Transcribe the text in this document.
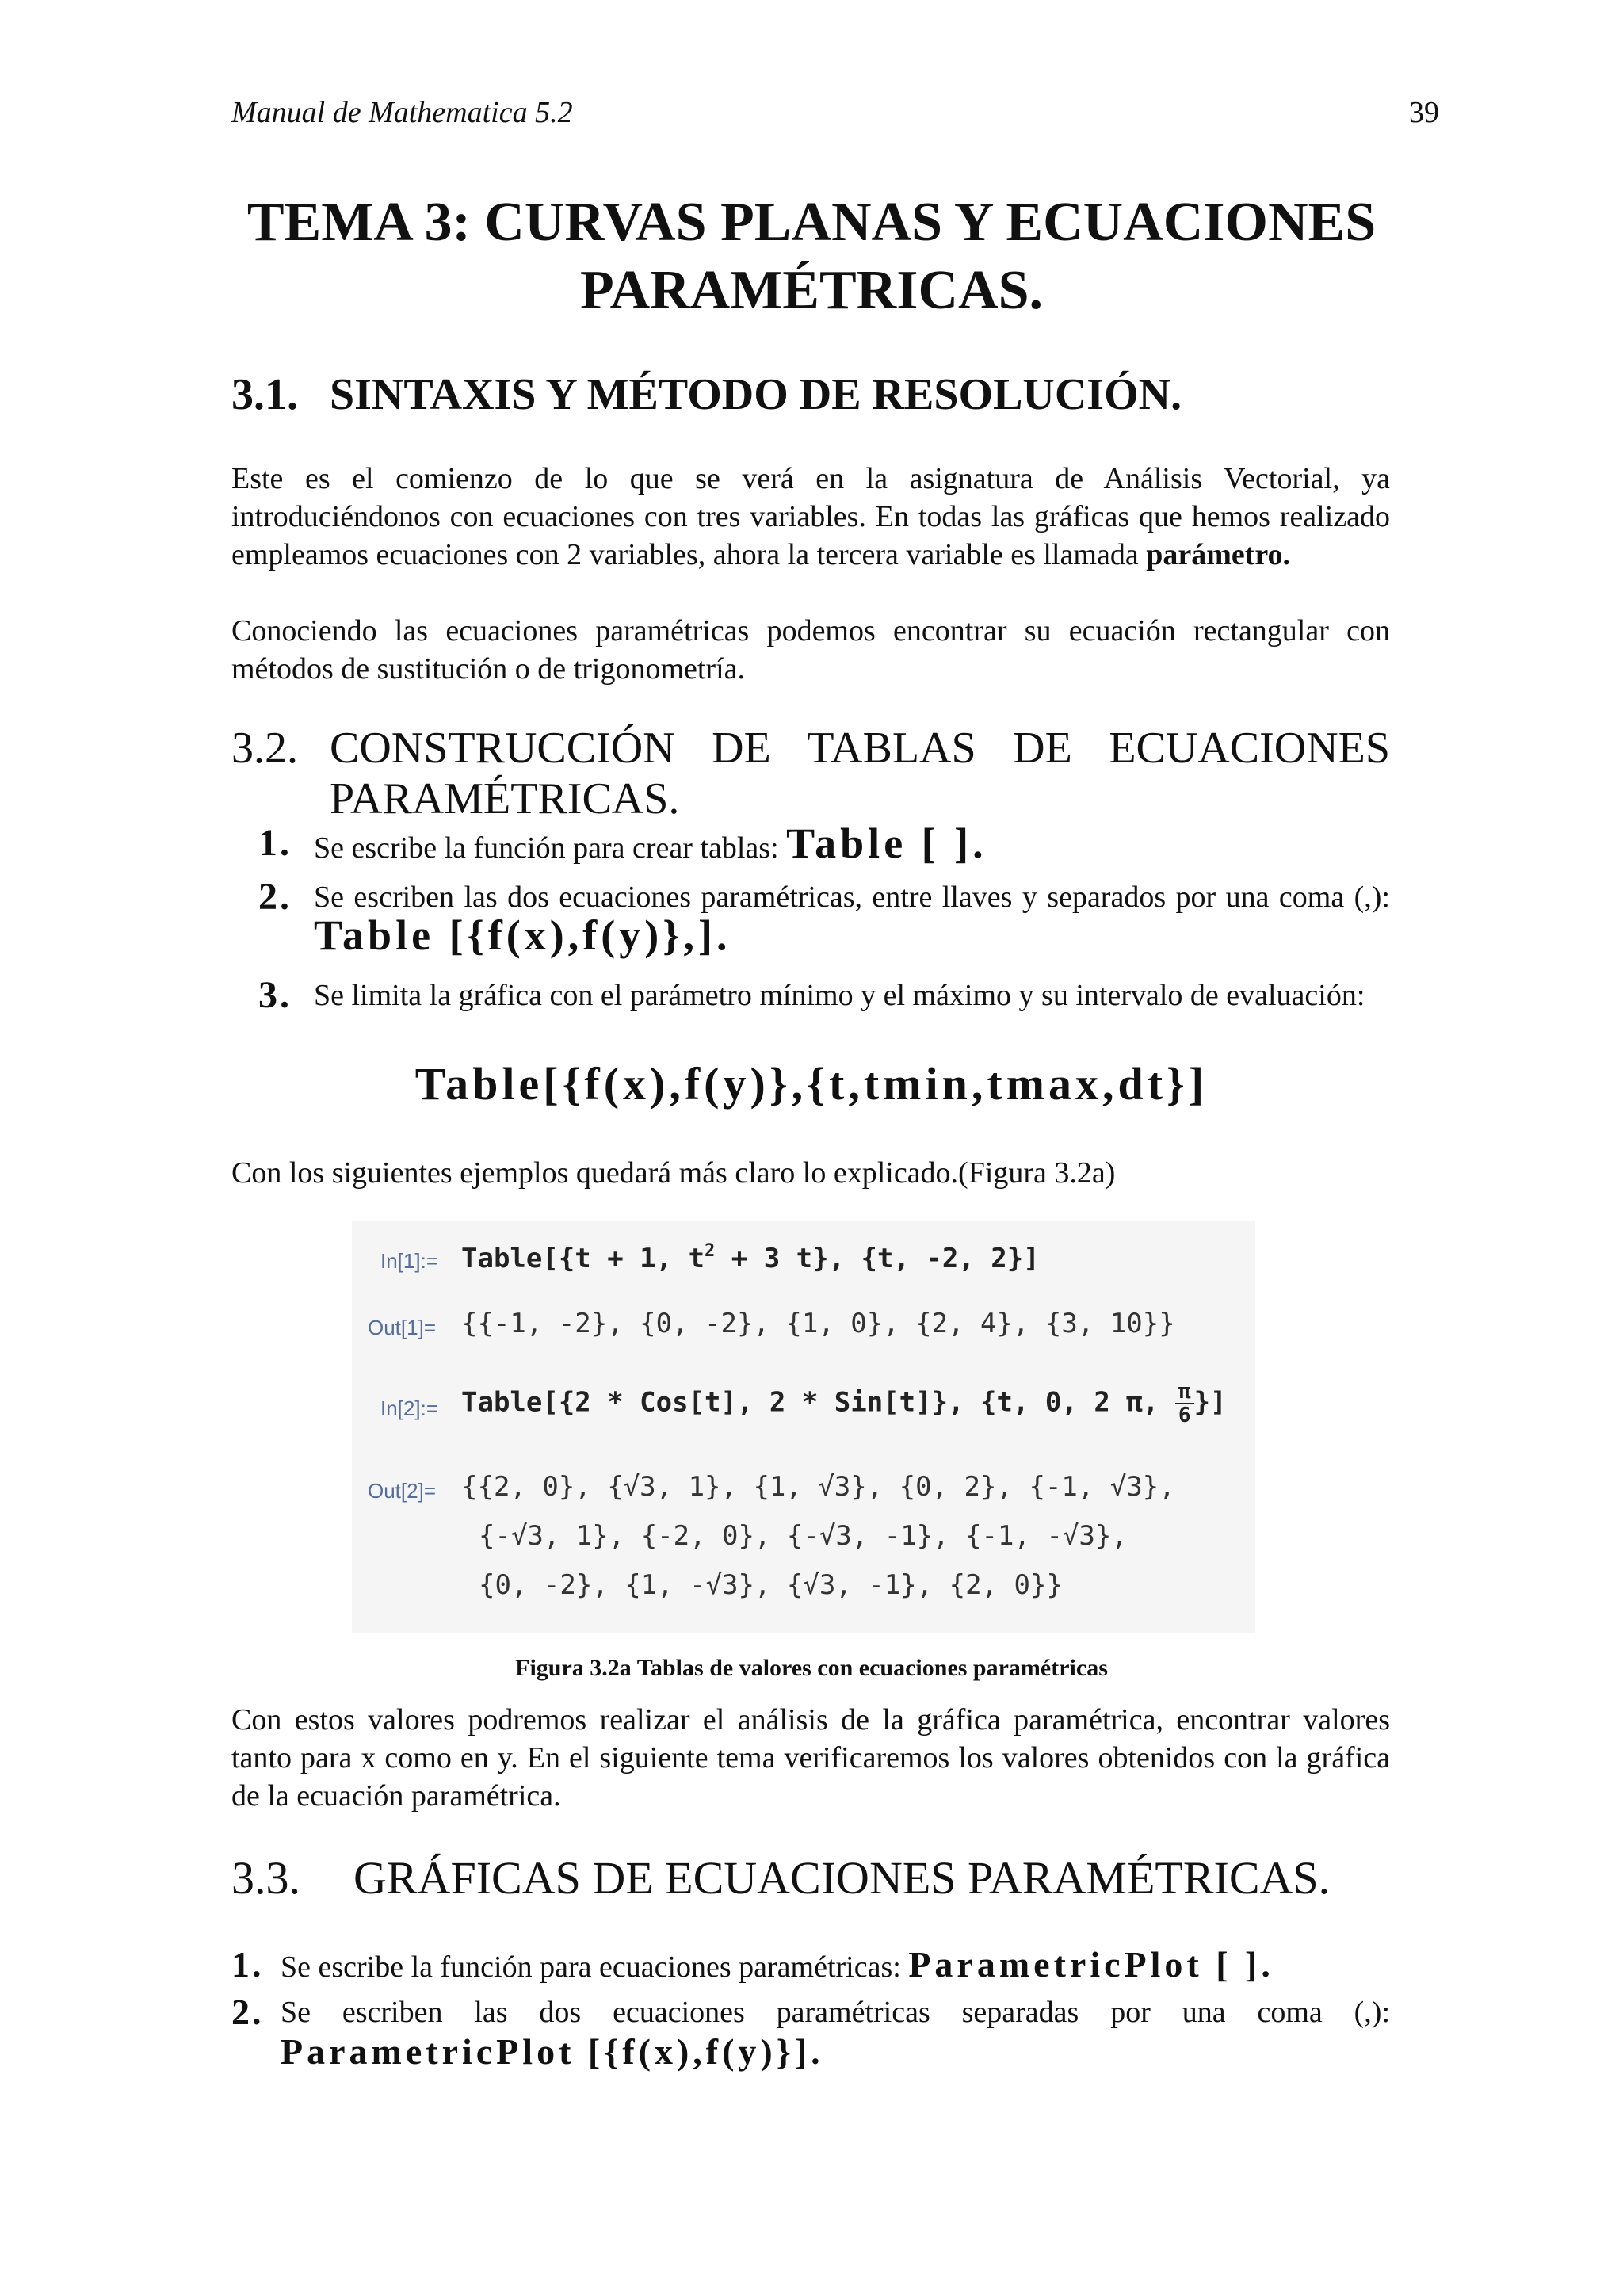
Manual de Mathematica 5.2	39
TEMA 3: CURVAS PLANAS Y ECUACIONES PARAMÉTRICAS.
3.1. SINTAXIS Y MÉTODO DE RESOLUCIÓN.

Este es el comienzo de lo que se verá en la asignatura de Análisis Vectorial, ya introduciéndonos con ecuaciones con tres variables. En todas las gráficas que hemos realizado empleamos ecuaciones con 2 variables, ahora la tercera variable es llamada parámetro.

Conociendo las ecuaciones paramétricas podemos encontrar su ecuación rectangular con métodos de sustitución o de trigonometría.

3.2. CONSTRUCCIÓN DE TABLAS DE ECUACIONES
PARAMÉTRICAS.
1. Se escribe la función para crear tablas: Table [ ].
2. Se escriben las dos ecuaciones paramétricas, entre llaves y separados por una coma (,): Table [{f(x),f(y)},].
3. Se limita la gráfica con el parámetro mínimo y el máximo y su intervalo de evaluación:
Table[{f(x),f(y)},{t,tmin,tmax,dt}]

Con los siguientes ejemplos quedará más claro lo explicado.(Figura 3.2a)

In[1]:= Table[{t + 1, $t^2 + 3$ t}, {t, -2, 2}]
Out[1]= {{-1, -2}, {0, -2}, {1, 0}, {2, 4}, {3, 10}}
In[2]:= Table[{2 * Cos[t], 2 * Sin[t]}, {t, 0, 2 π, $\frac{\pi}{6}$ }]
Out[2]= {{2, 0}, {√3, 1}, {1, √3}, {0, 2}, {-1, √3},
{-√3, 1}, {-2, 0}, {-√3, -1}, {-1, -√3},
{0, -2}, {1, -√3}, {√3, -1}, {2, 0}}
Figura 3.2a Tablas de valores con ecuaciones paramétricas

Con estos valores podremos realizar el análisis de la gráfica paramétrica, encontrar valores tanto para x como en y. En el siguiente tema verificaremos los valores obtenidos con la gráfica de la ecuación paramétrica.

3.3. GRÁFICAS DE ECUACIONES PARAMÉTRICAS.
1. Se escribe la función para ecuaciones paramétricas: ParametricPlot [ ].
2. Se escriben las dos ecuaciones paramétricas separadas por una coma (,): ParametricPlot [{f(x),f(y)}].
